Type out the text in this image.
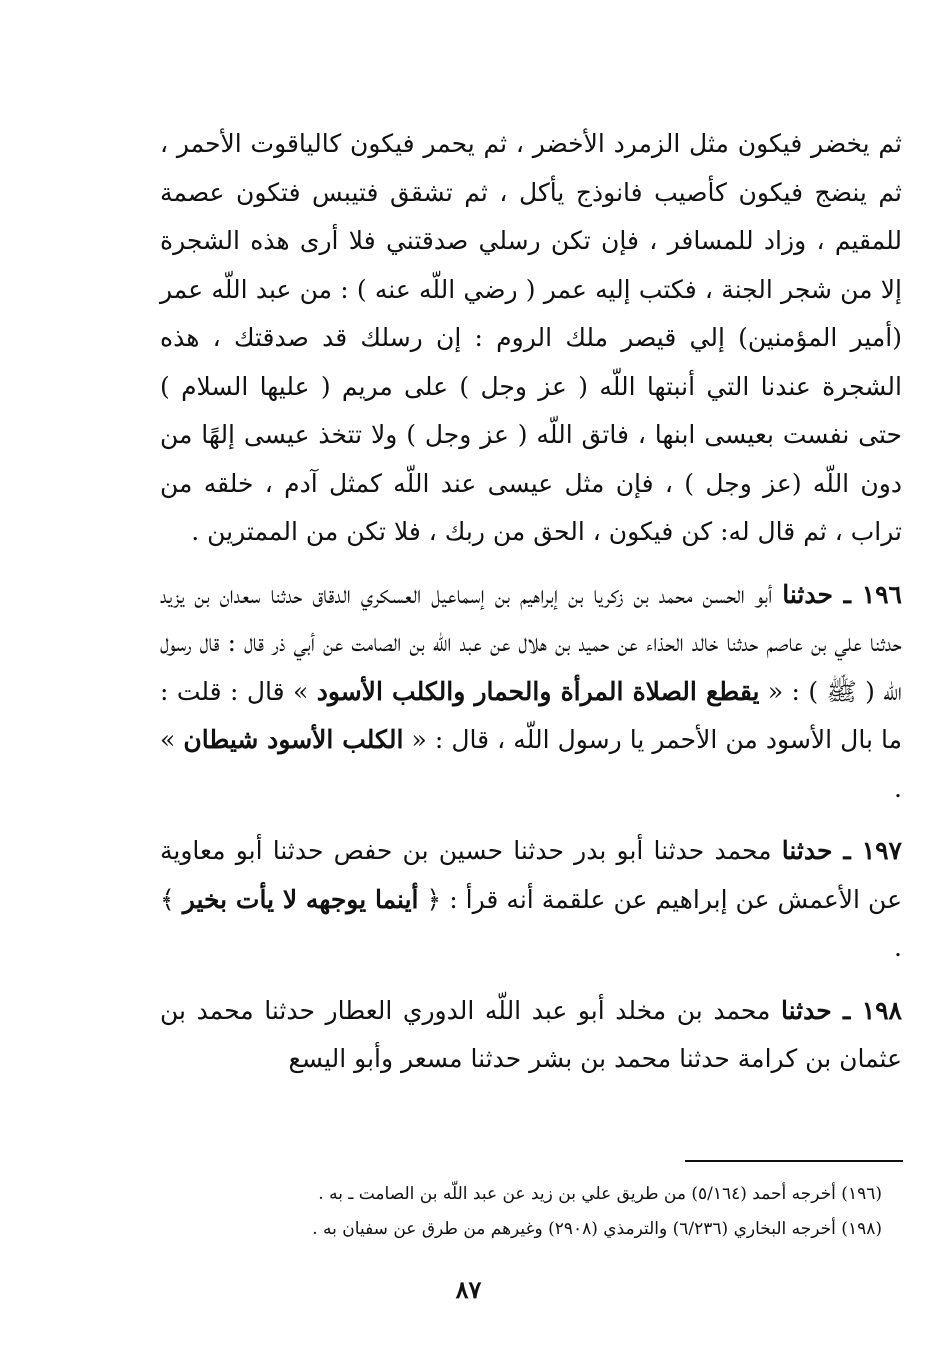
ثم يخضر فيكون مثل الزمرد الأخضر ، ثم يحمر فيكون كالياقوت الأحمر ، ثم ينضج فيكون كأصيب فانوذج يأكل ، ثم تشقق فتيبس فتكون عصمة للمقيم ، وزاد للمسافر ، فإن تكن رسلي صدقتني فلا أرى هذه الشجرة إلا من شجر الجنة ، فكتب إليه عمر ( رضي اللّه عنه ) : من عبد اللّه عمر (أمير المؤمنين) إلي قيصر ملك الروم : إن رسلك قد صدقتك ، هذه الشجرة عندنا التي أنبتها اللّه ( عز وجل ) على مريم ( عليها السلام ) حتى نفست بعيسى ابنها ، فاتق اللّه ( عز وجل ) ولا تتخذ عيسى إلهًا من دون اللّه (عز وجل ) ، فإن مثل عيسى عند اللّه كمثل آدم ، خلقه من تراب ، ثم قال له: كن فيكون ، الحق من ربك ، فلا تكن من الممترين .

١٩٦ ـ حدثنا أبو الحسن محمد بن زكريا بن إبراهيم بن إسماعيل العسكري الدقاق حدثنا سعدان بن يزيد حدثنا علي بن عاصم حدثنا خالد الحذاء عن حميد بن هلال عن عبد اللّه بن الصامت عن أبي ذر قال : قال رسول اللّه ( ﷺ ) : « يقطع الصلاة المرأة والحمار والكلب الأسود » قال : قلت : ما بال الأسود من الأحمر يا رسول اللّه ، قال : « الكلب الأسود شيطان » .

١٩٧ ـ حدثنا محمد حدثنا أبو بدر حدثنا حسين بن حفص حدثنا أبو معاوية عن الأعمش عن إبراهيم عن علقمة أنه قرأ : ﴿ أينما يوجهه لا يأت بخير ﴾ .

١٩٨ ـ حدثنا محمد بن مخلد أبو عبد اللّه الدوري العطار حدثنا محمد بن عثمان بن كرامة حدثنا محمد بن بشر حدثنا مسعر وأبو اليسع

(١٩٦) أخرجه أحمد (٥/١٦٤) من طريق علي بن زيد عن عبد اللّه بن الصامت ـ به .

(١٩٨) أخرجه البخاري (٦/٢٣٦) والترمذي (٢٩٠٨) وغيرهم من طرق عن سفيان به .

٨٧
